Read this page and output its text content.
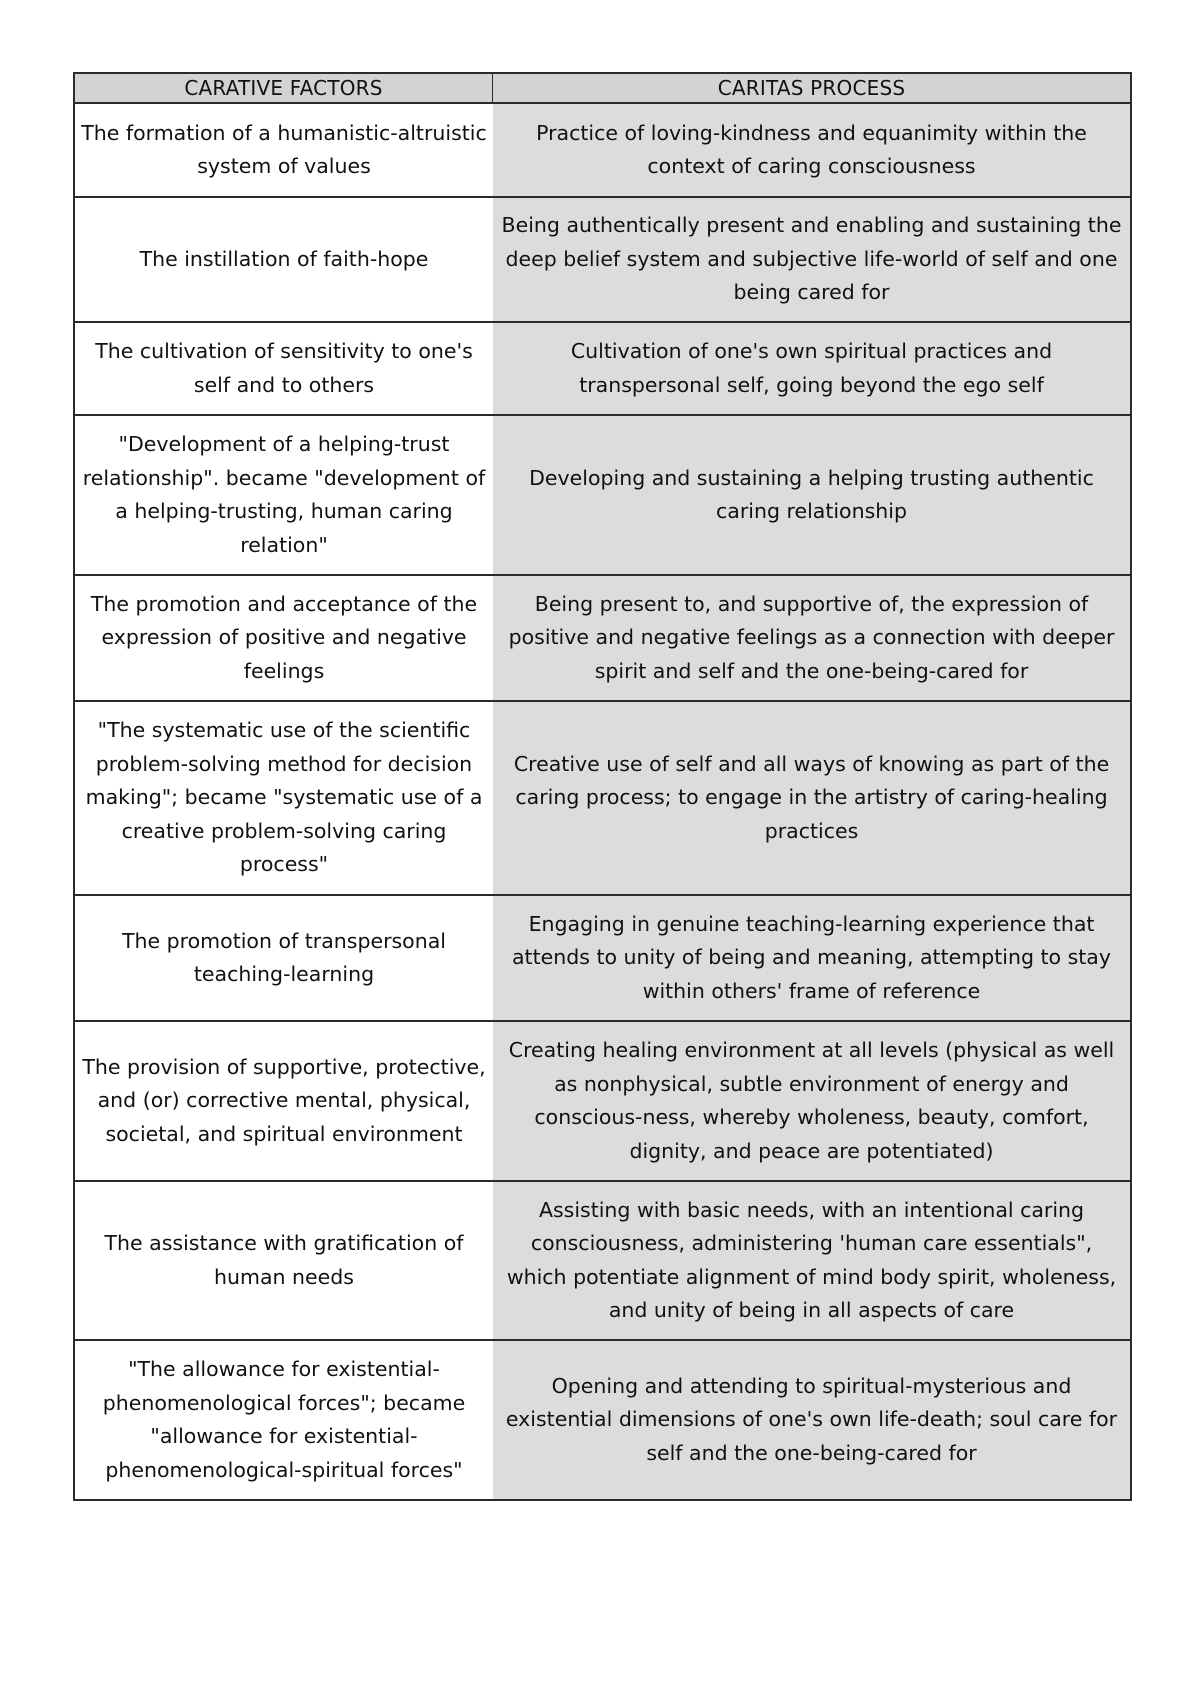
CARATIVE FACTORS	CARITAS PROCESS
The formation of a humanistic-altruistic system of values
Practice of loving-kindness and equanimity within the context of caring consciousness
The instillation of faith-hope
Being authentically present and enabling and sustaining the deep belief system and subjective life-world of self and one being cared for
The cultivation of sensitivity to one's self and to others
Cultivation of one's own spiritual practices and transpersonal self, going beyond the ego self
"Development of a helping-trust relationship". became "development of a helping-trusting, human caring relation"
Developing and sustaining a helping trusting authentic caring relationship
The promotion and acceptance of the expression of positive and negative feelings
Being present to, and supportive of, the expression of positive and negative feelings as a connection with deeper spirit and self and the one-being-cared for
"The systematic use of the scientific problem-solving method for decision making"; became "systematic use of a creative problem-solving caring process"
Creative use of self and all ways of knowing as part of the caring process; to engage in the artistry of caring-healing practices
The promotion of transpersonal teaching-learning
Engaging in genuine teaching-learning experience that attends to unity of being and meaning, attempting to stay within others' frame of reference
The provision of supportive, protective, and (or) corrective mental, physical, societal, and spiritual environment
Creating healing environment at all levels (physical as well as nonphysical, subtle environment of energy and conscious-ness, whereby wholeness, beauty, comfort, dignity, and peace are potentiated)
The assistance with gratification of human needs
Assisting with basic needs, with an intentional caring consciousness, administering 'human care essentials", which potentiate alignment of mind body spirit, wholeness, and unity of being in all aspects of care
"The allowance for existential-phenomenological forces"; became "allowance for existential-phenomenological-spiritual forces"
Opening and attending to spiritual-mysterious and existential dimensions of one's own life-death; soul care for self and the one-being-cared for
